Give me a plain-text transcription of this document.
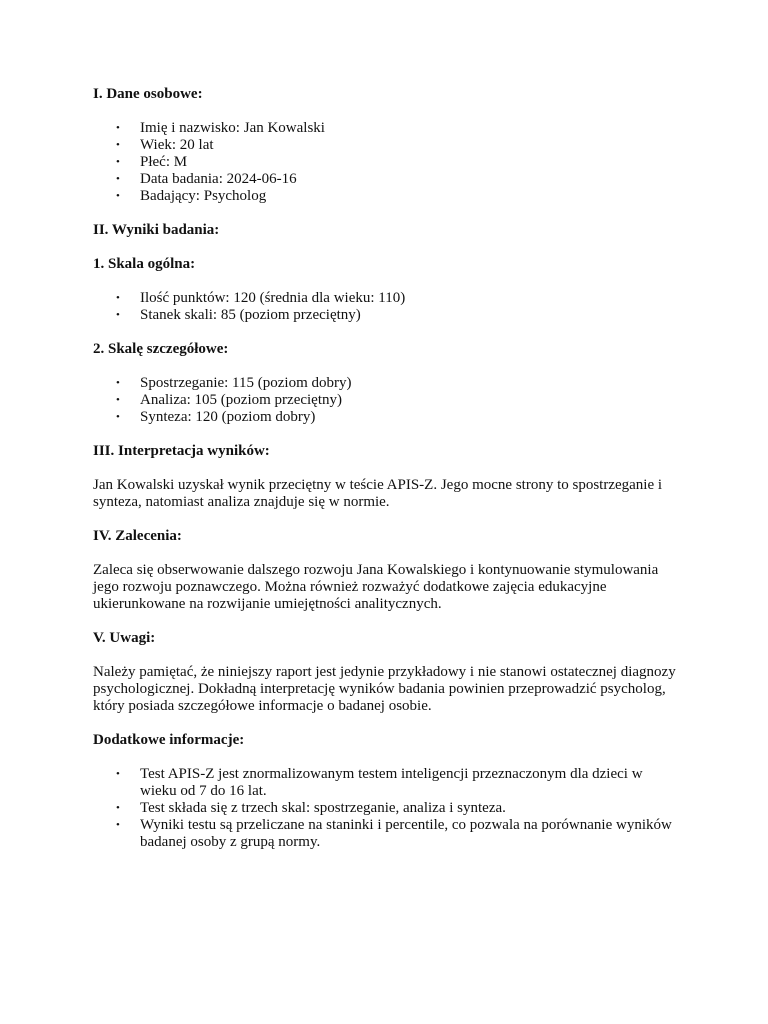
I. Dane osobowe:

• Imię i nazwisko: Jan Kowalski
• Wiek: 20 lat
• Płeć: M
• Data badania: 2024-06-16
• Badający: Psycholog

II. Wyniki badania:

1. Skala ogólna:

• Ilość punktów: 120 (średnia dla wieku: 110)
• Stanek skali: 85 (poziom przeciętny)

2. Skalę szczegółowe:

• Spostrzeganie: 115 (poziom dobry)
• Analiza: 105 (poziom przeciętny)
• Synteza: 120 (poziom dobry)

III. Interpretacja wyników:

Jan Kowalski uzyskał wynik przeciętny w teście APIS-Z. Jego mocne strony to spostrzeganie i synteza, natomiast analiza znajduje się w normie.

IV. Zalecenia:

Zaleca się obserwowanie dalszego rozwoju Jana Kowalskiego i kontynuowanie stymulowania jego rozwoju poznawczego. Można również rozważyć dodatkowe zajęcia edukacyjne ukierunkowane na rozwijanie umiejętności analitycznych.

V. Uwagi:

Należy pamiętać, że niniejszy raport jest jedynie przykładowy i nie stanowi ostatecznej diagnozy psychologicznej. Dokładną interpretację wyników badania powinien przeprowadzić psycholog, który posiada szczegółowe informacje o badanej osobie.

Dodatkowe informacje:

• Test APIS-Z jest znormalizowanym testem inteligencji przeznaczonym dla dzieci w wieku od 7 do 16 lat.
• Test składa się z trzech skal: spostrzeganie, analiza i synteza.
• Wyniki testu są przeliczane na staninki i percentile, co pozwala na porównanie wyników badanej osoby z grupą normy.
